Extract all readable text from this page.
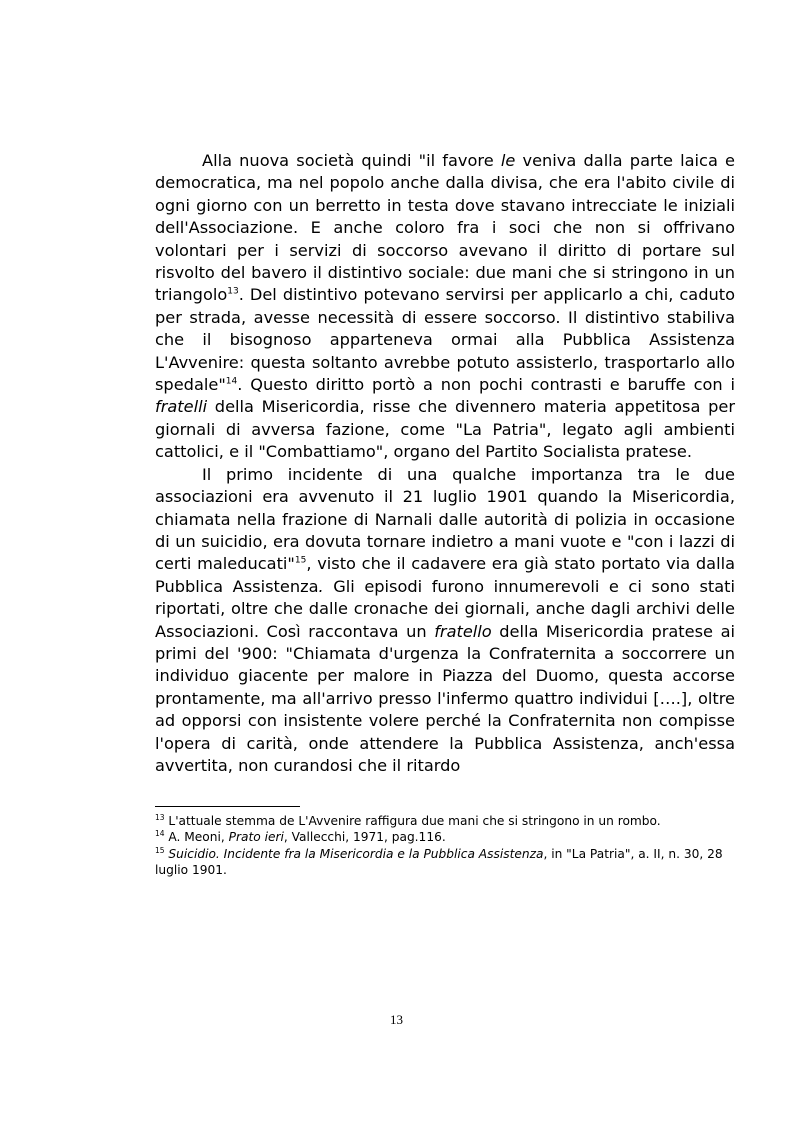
Alla nuova società quindi "il favore le veniva dalla parte laica e democratica, ma nel popolo anche dalla divisa, che era l'abito civile di ogni giorno con un berretto in testa dove stavano intrecciate le iniziali dell'Associazione. E anche coloro fra i soci che non si offrivano volontari per i servizi di soccorso avevano il diritto di portare sul risvolto del bavero il distintivo sociale: due mani che si stringono in un triangolo$^{13}$. Del distintivo potevano servirsi per applicarlo a chi, caduto per strada, avesse necessità di essere soccorso. Il distintivo stabiliva che il bisognoso apparteneva ormai alla Pubblica Assistenza L'Avvenire: questa soltanto avrebbe potuto assisterlo, trasportarlo allo spedale"$^{14}$. Questo diritto portò a non pochi contrasti e baruffe con i fratelli della Misericordia, risse che divennero materia appetitosa per giornali di avversa fazione, come "La Patria", legato agli ambienti cattolici, e il "Combattiamo", organo del Partito Socialista pratese.

Il primo incidente di una qualche importanza tra le due associazioni era avvenuto il 21 luglio 1901 quando la Misericordia, chiamata nella frazione di Narnali dalle autorità di polizia in occasione di un suicidio, era dovuta tornare indietro a mani vuote e "con i lazzi di certi maleducati"$^{15}$, visto che il cadavere era già stato portato via dalla Pubblica Assistenza. Gli episodi furono innumerevoli e ci sono stati riportati, oltre che dalle cronache dei giornali, anche dagli archivi delle Associazioni. Così raccontava un fratello della Misericordia pratese ai primi del '900: "Chiamata d'urgenza la Confraternita a soccorrere un individuo giacente per malore in Piazza del Duomo, questa accorse prontamente, ma all'arrivo presso l'infermo quattro individui [….], oltre ad opporsi con insistente volere perché la Confraternita non compisse l'opera di carità, onde attendere la Pubblica Assistenza, anch'essa avvertita, non curandosi che il ritardo

$^{13}$ L'attuale stemma de L'Avvenire raffigura due mani che si stringono in un rombo.

$^{14}$ A. Meoni, Prato ieri, Vallecchi, 1971, pag.116.

$^{15}$ Suicidio. Incidente fra la Misericordia e la Pubblica Assistenza, in "La Patria", a. II, n. 30, 28 luglio 1901.

13
